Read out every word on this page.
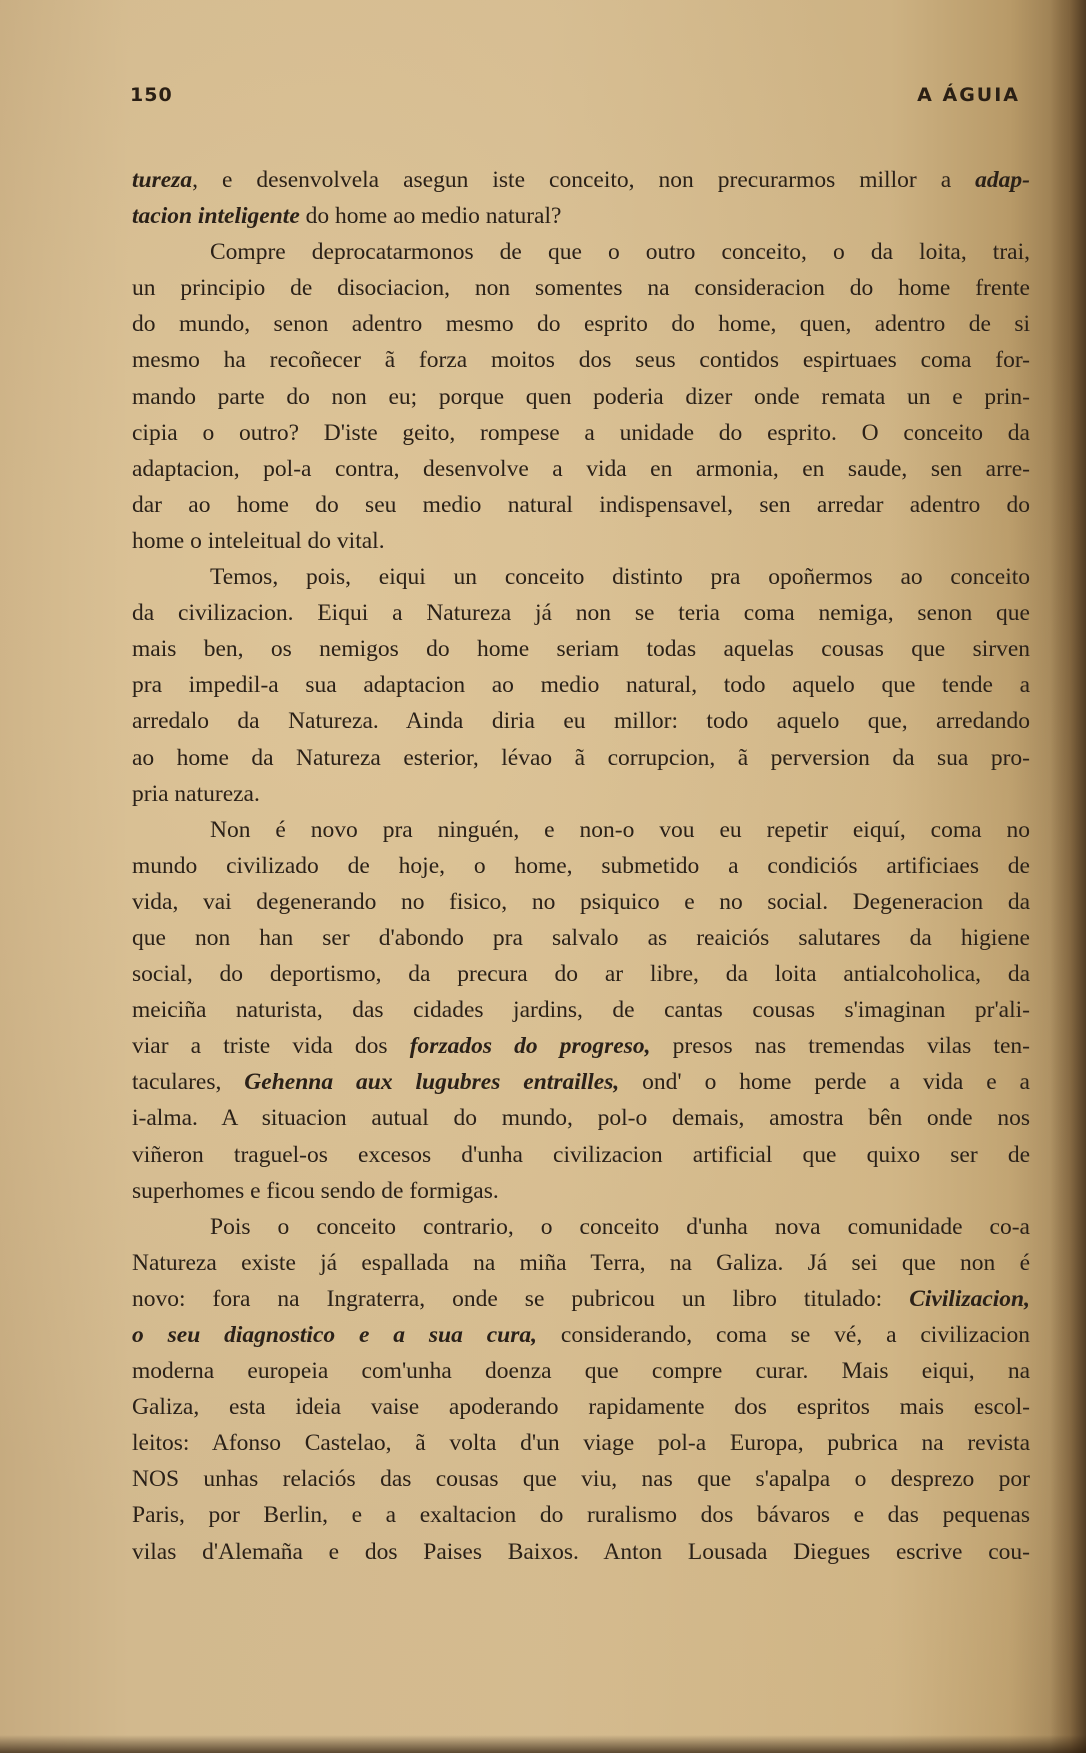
150	A ÁGUIA
tureza, e desenvolvela asegun iste conceito, non precurarmos millor a adap-
tacion inteligente do home ao medio natural?
Compre deprocatarmonos de que o outro conceito, o da loita, trai,
un principio de disociacion, non somentes na consideracion do home frente
do mundo, senon adentro mesmo do esprito do home, quen, adentro de si
mesmo ha recoñecer ã forza moitos dos seus contidos espirtuaes coma for-
mando parte do non eu; porque quen poderia dizer onde remata un e prin-
cipia o outro? D'iste geito, rompese a unidade do esprito. O conceito da
adaptacion, pol-a contra, desenvolve a vida en armonia, en saude, sen arre-
dar ao home do seu medio natural indispensavel, sen arredar adentro do
home o inteleitual do vital.
Temos, pois, eiqui un conceito distinto pra opoñermos ao conceito
da civilizacion. Eiqui a Natureza já non se teria coma nemiga, senon que
mais ben, os nemigos do home seriam todas aquelas cousas que sirven
pra impedil-a sua adaptacion ao medio natural, todo aquelo que tende a
arredalo da Natureza. Ainda diria eu millor: todo aquelo que, arredando
ao home da Natureza esterior, lévao ã corrupcion, ã perversion da sua pro-
pria natureza.
Non é novo pra ninguén, e non-o vou eu repetir eiquí, coma no
mundo civilizado de hoje, o home, submetido a condiciós artificiaes de
vida, vai degenerando no fisico, no psiquico e no social. Degeneracion da
que non han ser d'abondo pra salvalo as reaiciós salutares da higiene
social, do deportismo, da precura do ar libre, da loita antialcoholica, da
meiciña naturista, das cidades jardins, de cantas cousas s'imaginan pr'ali-
viar a triste vida dos forzados do progreso, presos nas tremendas vilas ten-
taculares, Gehenna aux lugubres entrailles, ond' o home perde a vida e a
i-alma. A situacion autual do mundo, pol-o demais, amostra bên onde nos
viñeron traguel-os excesos d'unha civilizacion artificial que quixo ser de
superhomes e ficou sendo de formigas.
Pois o conceito contrario, o conceito d'unha nova comunidade co-a
Natureza existe já espallada na miña Terra, na Galiza. Já sei que non é
novo: fora na Ingraterra, onde se pubricou un libro titulado: Civilizacion,
o seu diagnostico e a sua cura, considerando, coma se vé, a civilizacion
moderna europeia com'unha doenza que compre curar. Mais eiqui, na
Galiza, esta ideia vaise apoderando rapidamente dos espritos mais escol-
leitos: Afonso Castelao, ã volta d'un viage pol-a Europa, pubrica na revista
NOS unhas relaciós das cousas que viu, nas que s'apalpa o desprezo por
Paris, por Berlin, e a exaltacion do ruralismo dos bávaros e das pequenas
vilas d'Alemaña e dos Paises Baixos. Anton Lousada Diegues escrive cou-
